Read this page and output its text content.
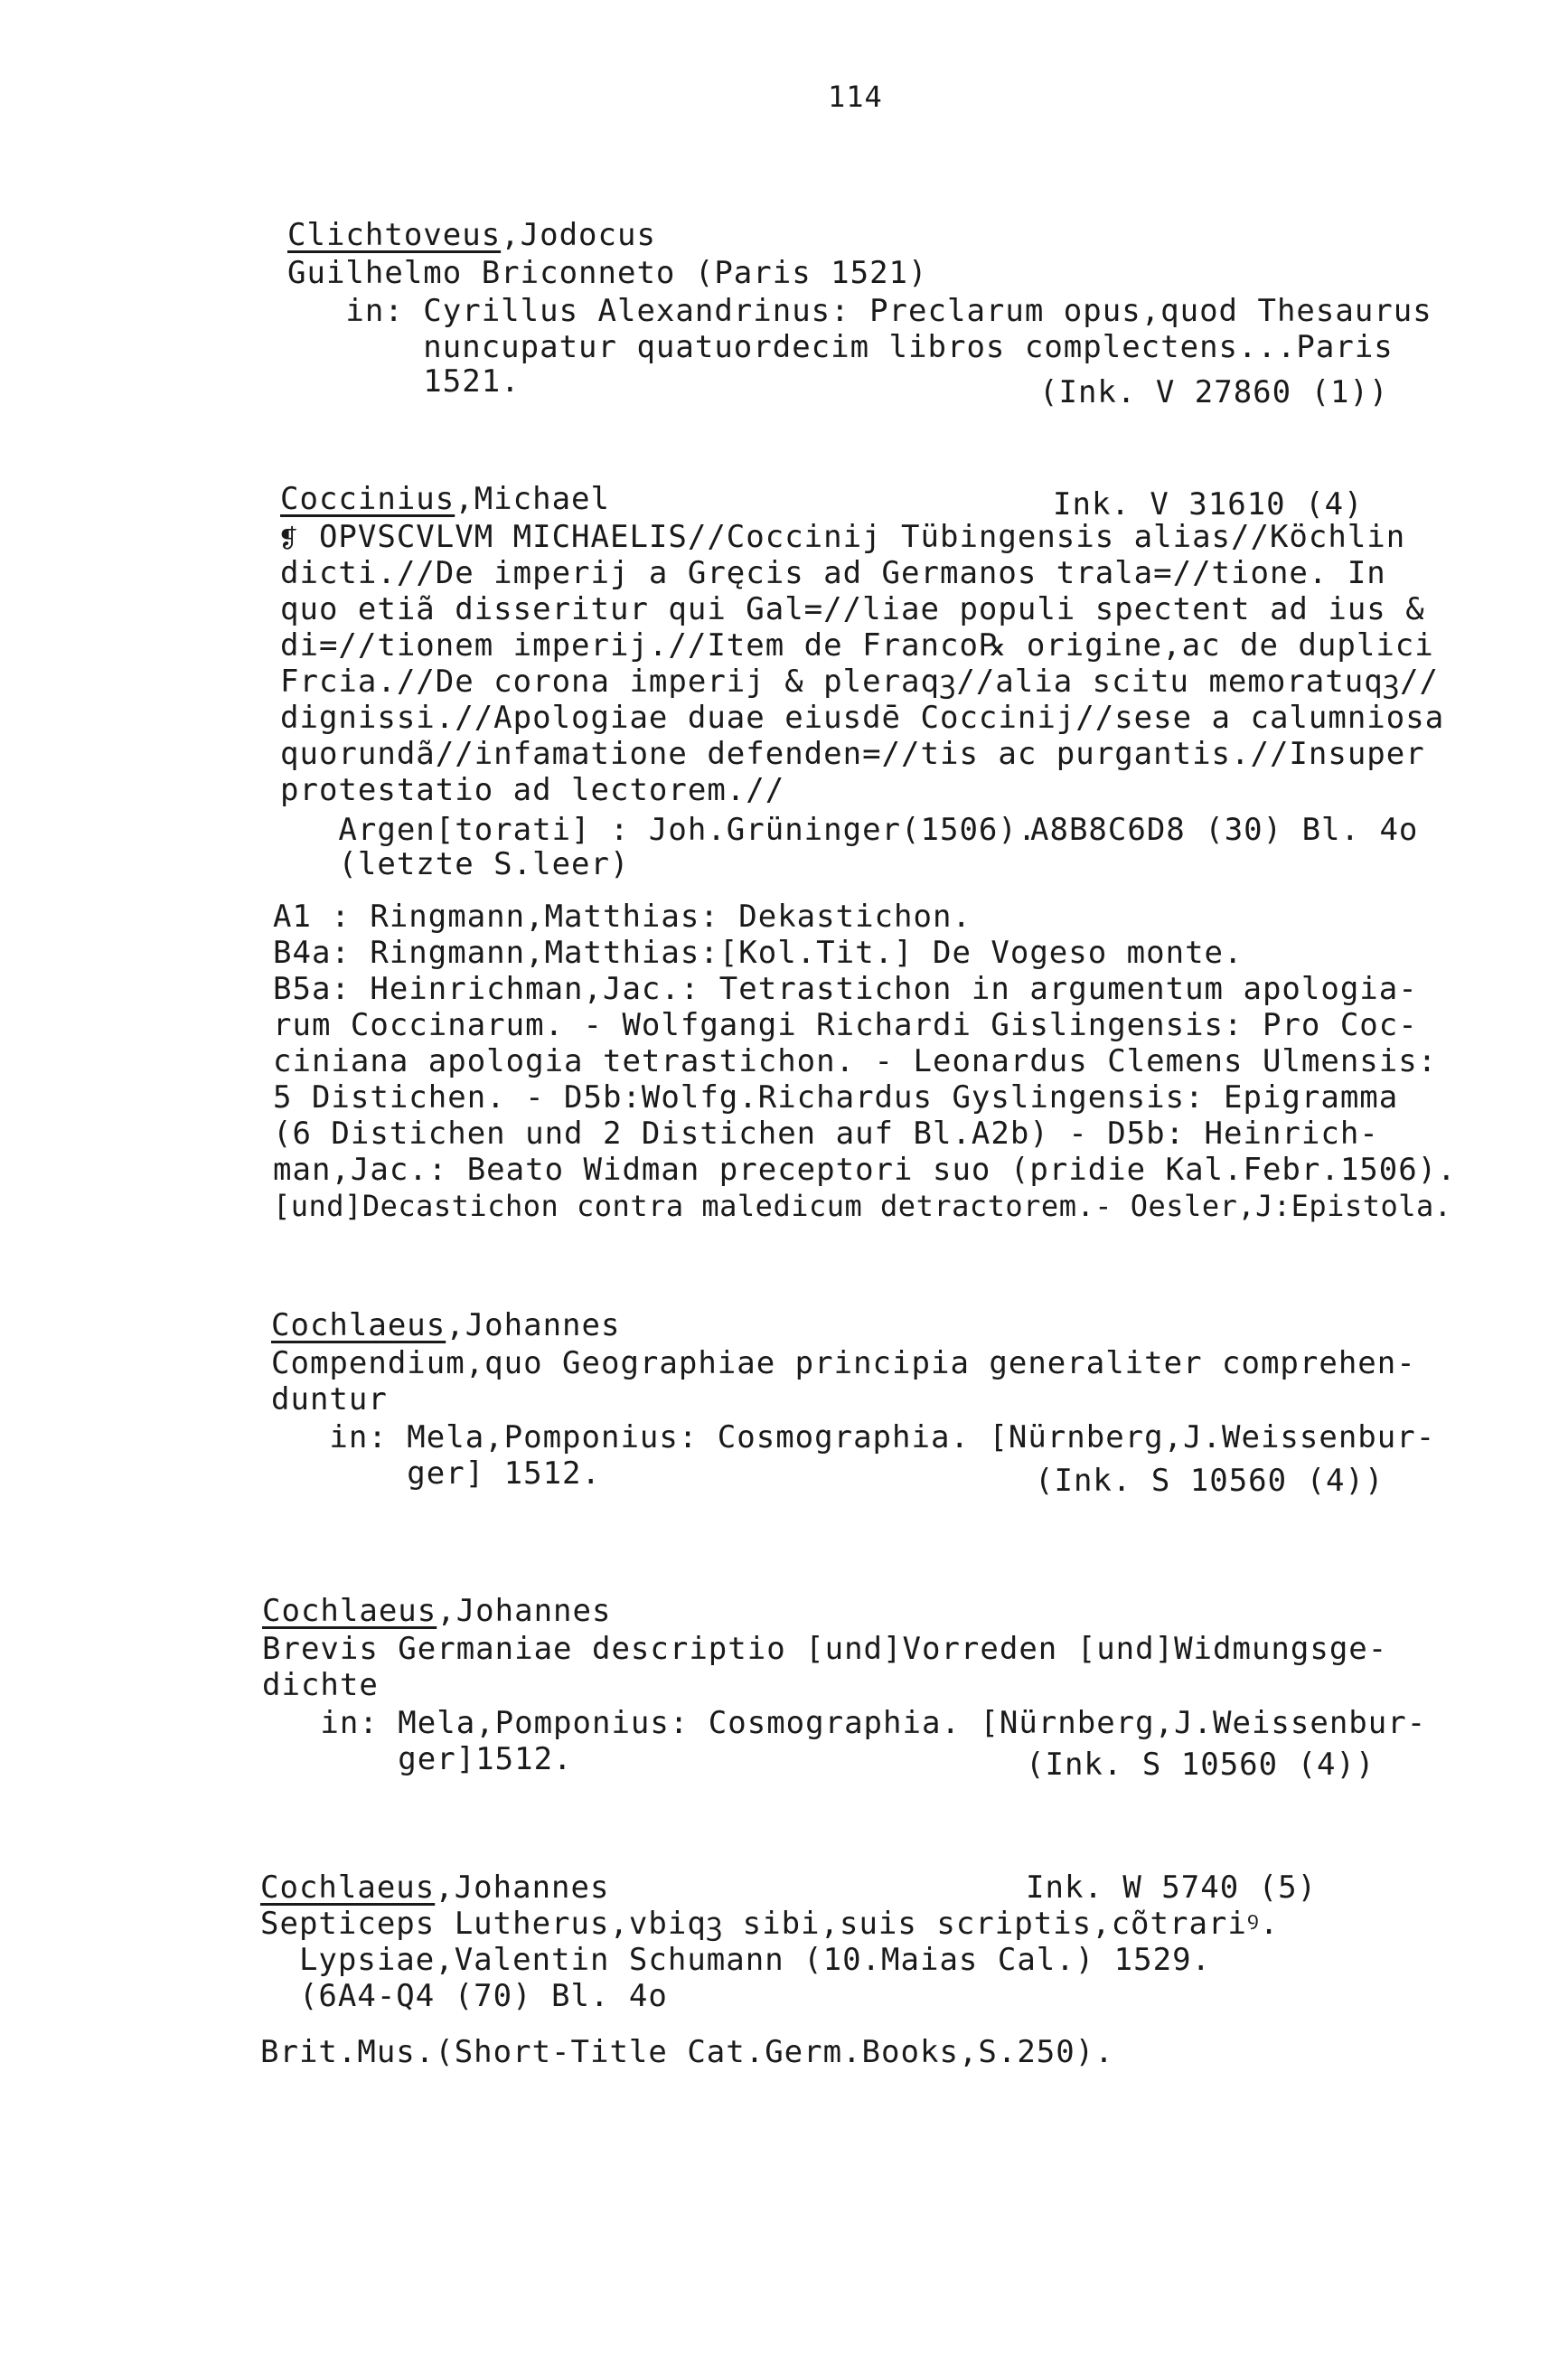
114
Clichtoveus,Jodocus
Guilhelmo Briconneto (Paris 1521)
in: Cyrillus Alexandrinus: Preclarum opus,quod Thesaurus
nuncupatur quatuordecim libros complectens...Paris
1521.	(Ink. V 27860 (1))
Coccinius,Michael	Ink. V 31610 (4)
❡ OPVSCVLVM MICHAELIS//Coccinij Tübingensis alias//Köchlin
dicti.//De imperij a Gręcis ad Germanos trala=//tione. In
quo etiã disseritur qui Gal=//liae populi spectent ad ius &
di=//tionem imperij.//Item de Franco℞ origine,ac de duplici
Frcia.//De corona imperij & pleraqꝫ//alia scitu memoratuqꝫ//
dignissi.//Apologiae duae eiusdē Coccinij//sese a calumniosa
quorundã//infamatione defenden=//tis ac purgantis.//Insuper
protestatio ad lectorem.//
Argen[torati] : Joh.Grüninger(1506).
A8B8C6D8 (30) Bl. 4o
(letzte S.leer)
A1 : Ringmann,Matthias: Dekastichon.
B4a: Ringmann,Matthias:[Kol.Tit.] De Vogeso monte.
B5a: Heinrichman,Jac.: Tetrastichon in argumentum apologia-
rum Coccinarum. - Wolfgangi Richardi Gislingensis: Pro Coc-
ciniana apologia tetrastichon. - Leonardus Clemens Ulmensis:
5 Distichen. - D5b:Wolfg.Richardus Gyslingensis: Epigramma
(6 Distichen und 2 Distichen auf Bl.A2b) - D5b: Heinrich-
man,Jac.: Beato Widman preceptori suo (pridie Kal.Febr.1506).
[und]Decastichon contra maledicum detractorem.- Oesler,J:Epistola.
Cochlaeus,Johannes
Compendium,quo Geographiae principia generaliter comprehen-
duntur
in: Mela,Pomponius: Cosmographia. [Nürnberg,J.Weissenbur-
ger] 1512.	(Ink. S 10560 (4))
Cochlaeus,Johannes
Brevis Germaniae descriptio [und]Vorreden [und]Widmungsge-
dichte
in: Mela,Pomponius: Cosmographia. [Nürnberg,J.Weissenbur-
ger]1512.	(Ink. S 10560 (4))
Cochlaeus,Johannes	Ink. W 5740 (5)
Septiceps Lutherus,vbiqꝫ sibi,suis scriptis,cõtrariꝰ.
Lypsiae,Valentin Schumann (10.Maias Cal.) 1529.
(6A4-Q4 (70) Bl. 4o
Brit.Mus.(Short-Title Cat.Germ.Books,S.250).
